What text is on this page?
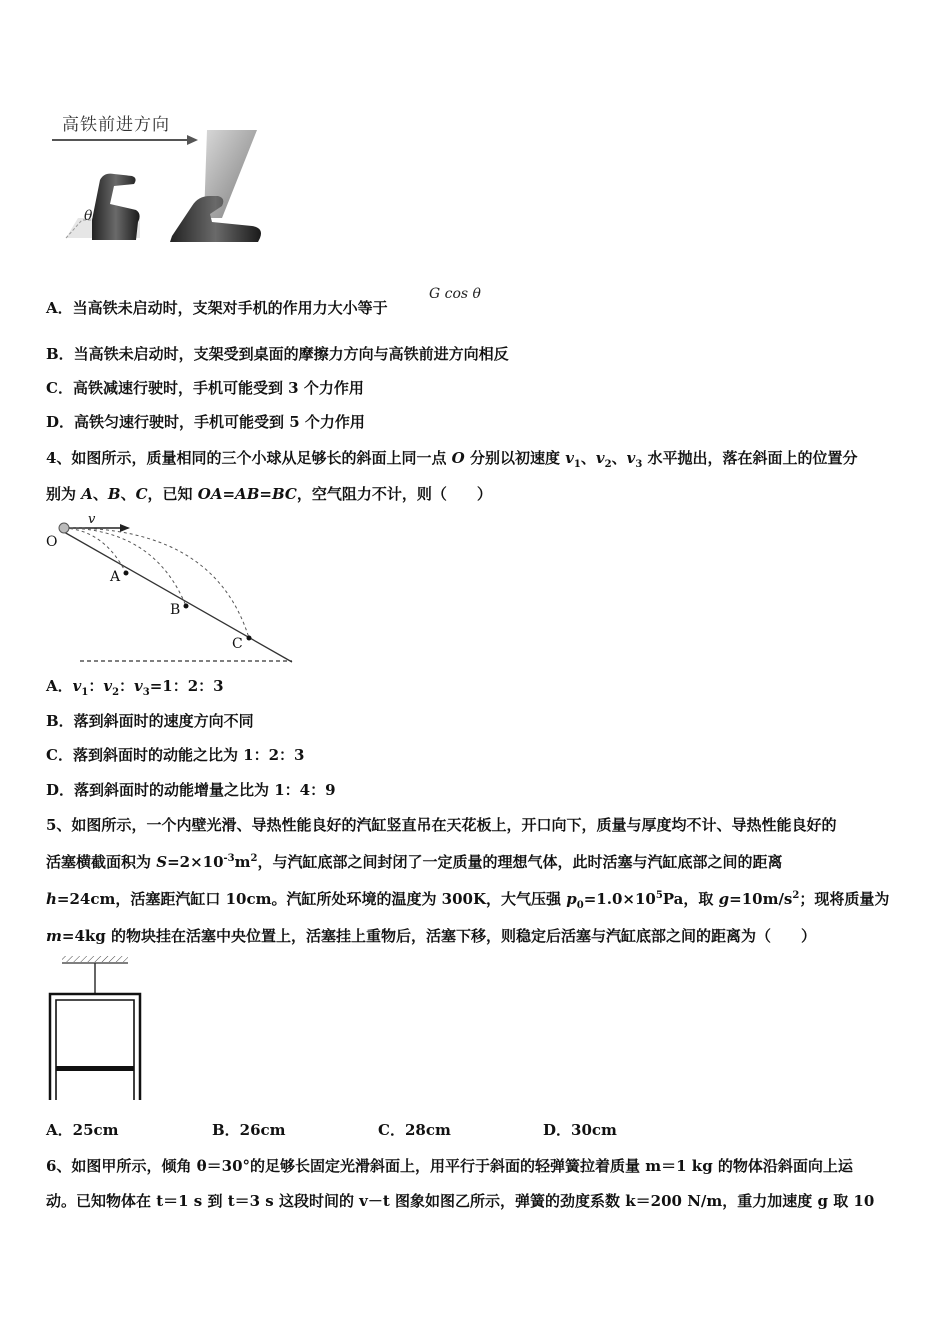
高铁前进方向
θ
A．当高铁未启动时，支架对手机的作用力大小等于
G cos θ
B．当高铁未启动时，支架受到桌面的摩擦力方向与高铁前进方向相反
C．高铁减速行驶时，手机可能受到 3 个力作用
D．高铁匀速行驶时，手机可能受到 5 个力作用
4、如图所示，质量相同的三个小球从足够长的斜面上同一点 O 分别以初速度 $v_1$、$v_2$、$v_3$ 水平抛出，落在斜面上的位置分
别为 A、B、C，已知 OA=AB=BC，空气阻力不计，则（　　）
v
O
A
B
C
A．$v_1$：$v_2$：$v_3=1$：2：3
B．落到斜面时的速度方向不同
C．落到斜面时的动能之比为 1：2：3
D．落到斜面时的动能增量之比为 1：4：9
5、如图所示，一个内壁光滑、导热性能良好的汽缸竖直吊在天花板上，开口向下，质量与厚度均不计、导热性能良好的
活塞横截面积为 $S=2\times 10^{-3}m^2$，与汽缸底部之间封闭了一定质量的理想气体，此时活塞与汽缸底部之间的距离
h=24cm，活塞距汽缸口 10cm。汽缸所处环境的温度为 300K，大气压强 $p_0=1.0\times 10^5Pa$，取 $g=10m/s^2$；现将质量为
m=4kg 的物块挂在活塞中央位置上，活塞挂上重物后，活塞下移，则稳定后活塞与汽缸底部之间的距离为（　　）
A．25cm	B．26cm	C．28cm	D．30cm
6、如图甲所示，倾角 θ＝30°的足够长固定光滑斜面上，用平行于斜面的轻弹簧拉着质量 m＝1 kg 的物体沿斜面向上运
动。已知物体在 t＝1 s 到 t＝3 s 这段时间的 v－t 图象如图乙所示，弹簧的劲度系数 k＝200 N/m，重力加速度 g 取 10
